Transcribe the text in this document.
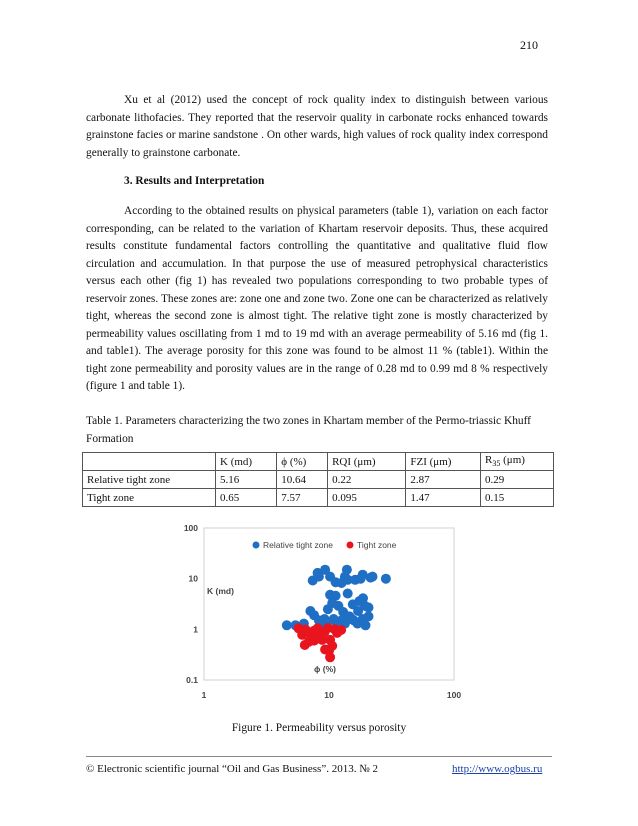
210

Xu et al (2012) used the concept of rock quality index to distinguish between various carbonate lithofacies. They reported that the reservoir quality in carbonate rocks enhanced towards grainstone facies or marine sandstone . On other wards, high values of rock quality index correspond generally to grainstone carbonate.

3. Results and Interpretation

According to the obtained results on physical parameters (table 1), variation on each factor corresponding, can be related to the variation of Khartam reservoir deposits. Thus, these acquired results constitute fundamental factors controlling the quantitative and qualitative fluid flow circulation and accumulation. In that purpose the use of measured petrophysical characteristics versus each other (fig 1) has revealed two populations corresponding to two probable types of reservoir zones. These zones are: zone one and zone two. Zone one can be characterized as relatively tight, whereas the second zone is almost tight. The relative tight zone is mostly characterized by permeability values oscillating from 1 md to 19 md with an average permeability of 5.16 md (fig 1. and table1). The average porosity for this zone was found to be almost 11 % (table1). Within the tight zone permeability and porosity values are in the range of 0.28 md to 0.99 md 8 % respectively (figure 1 and table 1).

Table 1. Parameters characterizing the two zones in Khartam member of the Permo-triassic Khuff Formation

	K (md)	ϕ (%)	RQI (μm)	FZI (μm)	$R_{35}$ (μm)
Relative tight zone	5.16	10.64	0.22	2.87	0.29
Tight zone	0.65	7.57	0.095	1.47	0.15
100
10
1
0.1
1	10	100
Relative tight zone	Tight zone
K (md)
ϕ (%)
Figure 1. Permeability versus porosity
© Electronic scientific journal “Oil and Gas Business”. 2013. № 2	http://www.ogbus.ru
